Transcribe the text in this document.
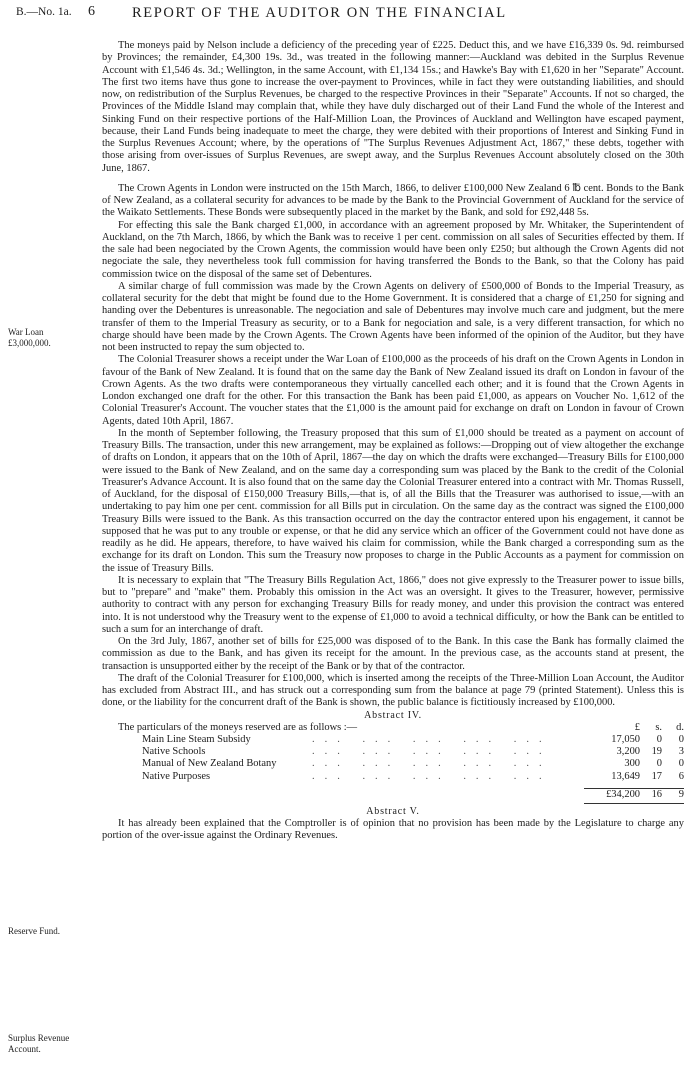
B.—No. 1a. 6	REPORT OF THE AUDITOR ON THE FINANCIAL
War Loan
£3,000,000.
Reserve Fund.
Surplus Revenue
Account.

The moneys paid by Nelson include a deficiency of the preceding year of £225. Deduct this, and we have £16,339 0s. 9d. reimbursed by Provinces; the remainder, £4,300 19s. 3d., was treated in the following manner:—Auckland was debited in the Surplus Revenue Account with £1,546 4s. 3d.; Wellington, in the same Account, with £1,134 15s.; and Hawke's Bay with £1,620 in her "Separate" Account. The first two items have thus gone to increase the over-payment to Provinces, while in fact they were outstanding liabilities, and should now, on redistribution of the Surplus Revenues, be charged to the respective Provinces in their "Separate" Accounts. If not so charged, the Provinces of the Middle Island may complain that, while they have duly discharged out of their Land Fund the whole of the Interest and Sinking Fund on their respective portions of the Half-Million Loan, the Provinces of Auckland and Wellington have escaped payment, because, their Land Funds being inadequate to meet the charge, they were debited with their proportions of Interest and Sinking Fund in the Surplus Revenues Account; where, by the operations of "The Surplus Revenues Adjustment Act, 1867," these debts, together with those arising from over-issues of Surplus Revenues, are swept away, and the Surplus Revenues Account absolutely closed on the 30th June, 1867.

The Crown Agents in London were instructed on the 15th March, 1866, to deliver £100,000 New Zealand 6 ℔ cent. Bonds to the Bank of New Zealand, as a collateral security for advances to be made by the Bank to the Provincial Government of Auckland for the service of the Waikato Settlements. These Bonds were subsequently placed in the market by the Bank, and sold for £92,448 5s.

For effecting this sale the Bank charged £1,000, in accordance with an agreement proposed by Mr. Whitaker, the Superintendent of Auckland, on the 7th March, 1866, by which the Bank was to receive 1 per cent. commission on all sales of Securities effected by them. If the sale had been negociated by the Crown Agents, the commission would have been only £250; but although the Crown Agents did not negociate the sale, they nevertheless took full commission for having transferred the Bonds to the Bank, so that the Colony has paid commission twice on the disposal of the same set of Debentures.

A similar charge of full commission was made by the Crown Agents on delivery of £500,000 of Bonds to the Imperial Treasury, as collateral security for the debt that might be found due to the Home Government. It is considered that a charge of £1,250 for signing and handing over the Debentures is unreasonable. The negociation and sale of Debentures may involve much care and judgment, but the mere transfer of them to the Imperial Treasury as security, or to a Bank for negociation and sale, is a very different transaction, for which no charge should have been made by the Crown Agents. The Crown Agents have been informed of the opinion of the Auditor, but they have not been instructed to repay the sum objected to.

The Colonial Treasurer shows a receipt under the War Loan of £100,000 as the proceeds of his draft on the Crown Agents in London in favour of the Bank of New Zealand. It is found that on the same day the Bank of New Zealand issued its draft on London in favour of the Crown Agents. As the two drafts were contemporaneous they virtually cancelled each other; and it is found that the Crown Agents in London exchanged one draft for the other. For this transaction the Bank has been paid £1,000, as appears on Voucher No. 1,612 of the Colonial Treasurer's Account. The voucher states that the £1,000 is the amount paid for exchange on draft on London in favour of Crown Agents, dated 10th April, 1867.

In the month of September following, the Treasury proposed that this sum of £1,000 should be treated as a payment on account of Treasury Bills. The transaction, under this new arrangement, may be explained as follows:—Dropping out of view altogether the exchange of drafts on London, it appears that on the 10th of April, 1867—the day on which the drafts were exchanged—Treasury Bills for £100,000 were issued to the Bank of New Zealand, and on the same day a corresponding sum was placed by the Bank to the credit of the Colonial Treasurer's Advance Account. It is also found that on the same day the Colonial Treasurer entered into a contract with Mr. Thomas Russell, of Auckland, for the disposal of £150,000 Treasury Bills,—that is, of all the Bills that the Treasurer was authorised to issue,—with an undertaking to pay him one per cent. commission for all Bills put in circulation. On the same day as the contract was signed the £100,000 Treasury Bills were issued to the Bank. As this transaction occurred on the day the contractor entered upon his engagement, it cannot be supposed that he was put to any trouble or expense, or that he did any service which an officer of the Government could not have done as readily as he did. He appears, therefore, to have waived his claim for commission, while the Bank charged a corresponding sum as the exchange for its draft on London. This sum the Treasury now proposes to charge in the Public Accounts as a payment for commission on the issue of Treasury Bills.

It is necessary to explain that "The Treasury Bills Regulation Act, 1866," does not give expressly to the Treasurer power to issue bills, but to "prepare" and "make" them. Probably this omission in the Act was an oversight. It gives to the Treasurer, however, permissive authority to contract with any person for exchanging Treasury Bills for ready money, and under this provision the contract was entered into. It is not understood why the Treasury went to the expense of £1,000 to avoid a technical difficulty, or how the Bank can be entitled to such a sum for an interchange of draft.

On the 3rd July, 1867, another set of bills for £25,000 was disposed of to the Bank. In this case the Bank has formally claimed the commission as due to the Bank, and has given its receipt for the amount. In the previous case, as the accounts stand at present, the transaction is unsupported either by the receipt of the Bank or by that of the contractor.

The draft of the Colonial Treasurer for £100,000, which is inserted among the receipts of the Three-Million Loan Account, the Auditor has excluded from Abstract III., and has struck out a corresponding sum from the balance at page 79 (printed Statement). Unless this is done, or the liability for the concurrent draft of the Bank is shown, the public balance is fictitiously increased by £100,000.

Abstract IV.
The particulars of the moneys reserved are as follows :—	£	s.	d.
Main Line Steam Subsidy	... ... ... ... ...	17,050 0 0
Native Schools	... ... ... ... ...	3,200 19 3
Manual of New Zealand Botany	... ... ... ... ...	300 0 0
Native Purposes	... ... ... ... ...	13,649 17 6
£34,200 16 9
Abstract V.

It has already been explained that the Comptroller is of opinion that no provision has been made by the Legislature to charge any portion of the over-issue against the Ordinary Revenues.
